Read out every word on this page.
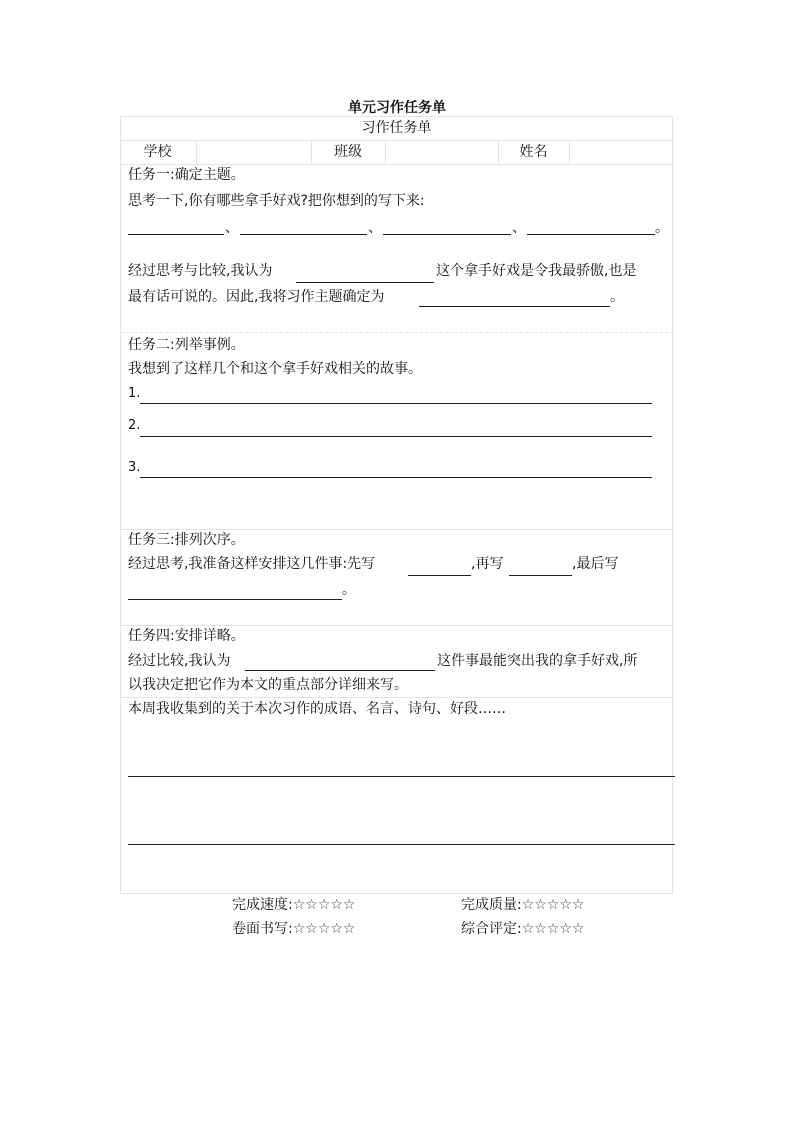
单元习作任务单
习作任务单
学校	班级	姓名
任务一:确定主题。
思考一下,你有哪些拿手好戏?把你想到的写下来:
、	、	、	。
经过思考与比较,我认为	这个拿手好戏是令我最骄傲,也是
最有话可说的。因此,我将习作主题确定为	。
任务二:列举事例。
我想到了这样几个和这个拿手好戏相关的故事。
1.
2.
3.
任务三:排列次序。
经过思考,我准备这样安排这几件事:先写	,再写	,最后写
。
任务四:安排详略。
经过比较,我认为	这件事最能突出我的拿手好戏,所
以我决定把它作为本文的重点部分详细来写。
本周我收集到的关于本次习作的成语、名言、诗句、好段……
完成速度:☆☆☆☆☆	完成质量:☆☆☆☆☆
卷面书写:☆☆☆☆☆	综合评定:☆☆☆☆☆
